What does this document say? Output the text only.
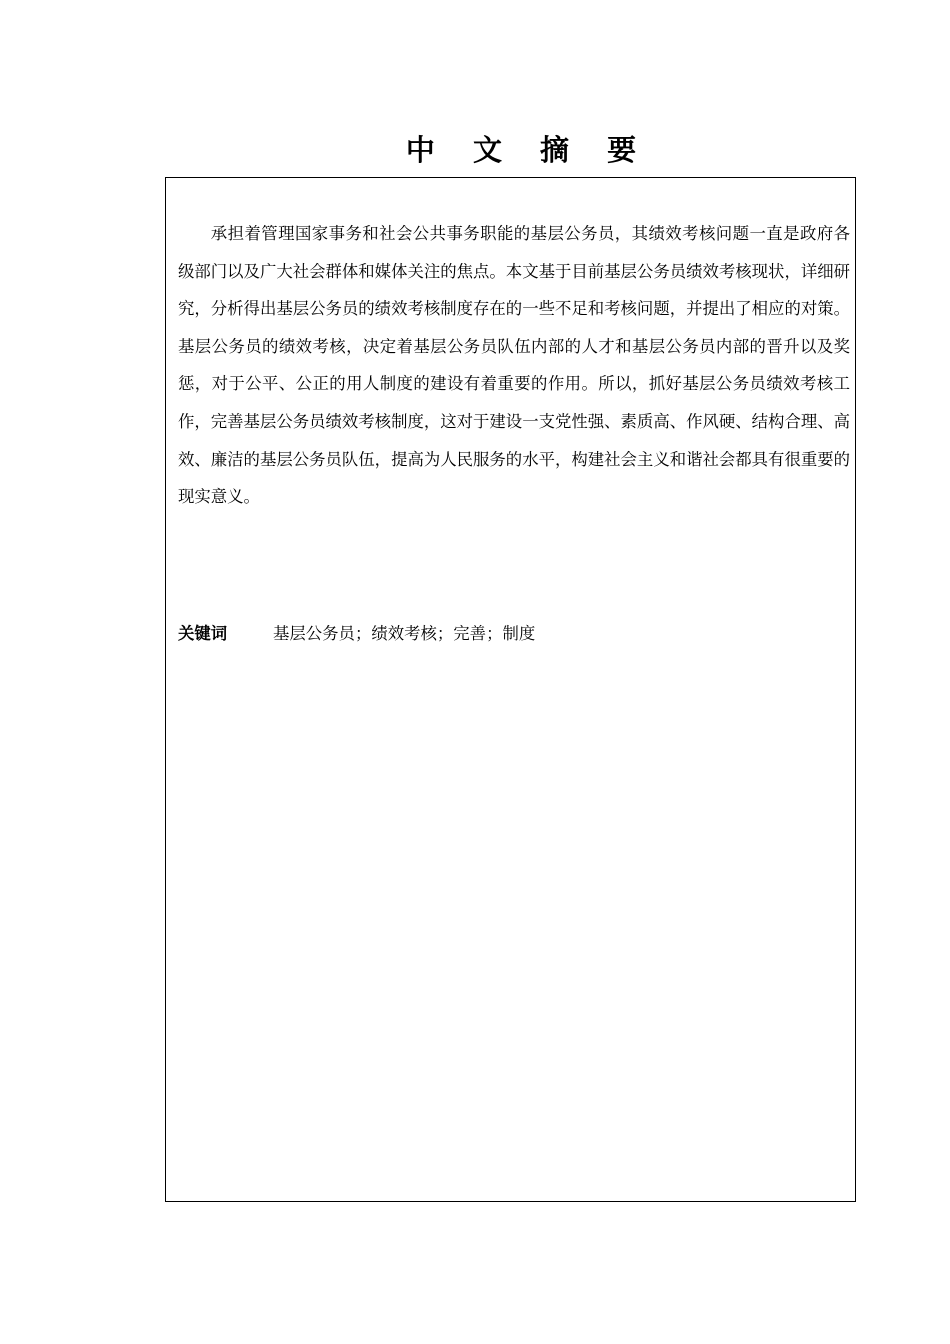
中 文 摘 要

承担着管理国家事务和社会公共事务职能的基层公务员，其绩效考核问题一直是政府各级部门以及广大社会群体和媒体关注的焦点。本文基于目前基层公务员绩效考核现状，详细研究，分析得出基层公务员的绩效考核制度存在的一些不足和考核问题，并提出了相应的对策。基层公务员的绩效考核，决定着基层公务员队伍内部的人才和基层公务员内部的晋升以及奖惩，对于公平、公正的用人制度的建设有着重要的作用。所以，抓好基层公务员绩效考核工作，完善基层公务员绩效考核制度，这对于建设一支党性强、素质高、作风硬、结构合理、高效、廉洁的基层公务员队伍，提高为人民服务的水平，构建社会主义和谐社会都具有很重要的现实意义。

关键词	基层公务员；绩效考核；完善；制度
